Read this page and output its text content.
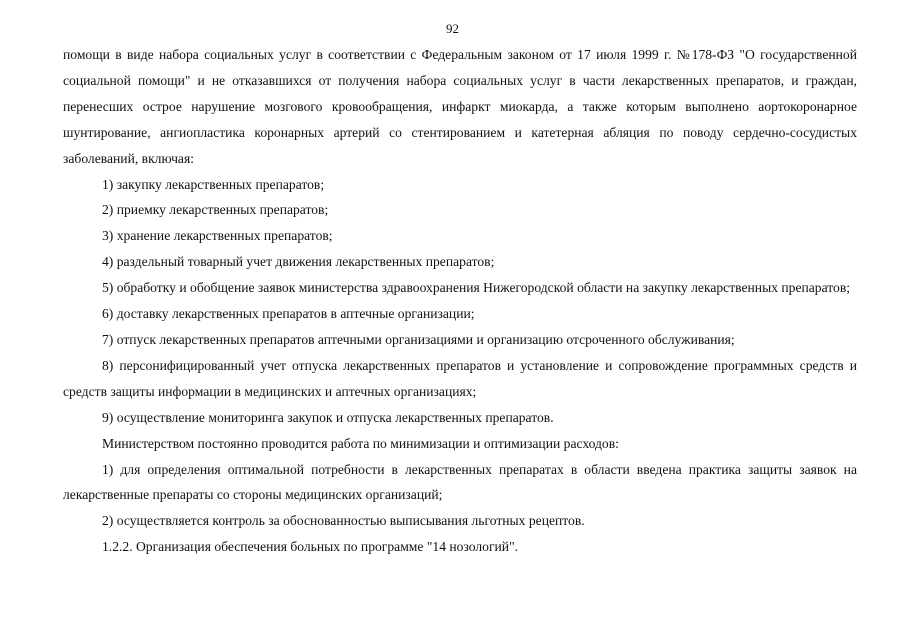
92

помощи в виде набора социальных услуг в соответствии с Федеральным законом от 17 июля 1999 г. №178-ФЗ "О государственной социальной помощи" и не отказавшихся от получения набора социальных услуг в части лекарственных препаратов, и граждан, перенесших острое нарушение мозгового кровообращения, инфаркт миокарда, а также которым выполнено аортокоронарное шунтирование, ангиопластика коронарных артерий со стентированием и катетерная абляция по поводу сердечно-сосудистых заболеваний, включая:

1) закупку лекарственных препаратов;

2) приемку лекарственных препаратов;

3) хранение лекарственных препаратов;

4) раздельный товарный учет движения лекарственных препаратов;

5) обработку и обобщение заявок министерства здравоохранения Нижегородской области на закупку лекарственных препаратов;

6) доставку лекарственных препаратов в аптечные организации;

7) отпуск лекарственных препаратов аптечными организациями и организацию отсроченного обслуживания;

8) персонифицированный учет отпуска лекарственных препаратов и установление и сопровождение программных средств и средств защиты информации в медицинских и аптечных организациях;

9) осуществление мониторинга закупок и отпуска лекарственных препаратов.

Министерством постоянно проводится работа по минимизации и оптимизации расходов:

1) для определения оптимальной потребности в лекарственных препаратах в области введена практика защиты заявок на лекарственные препараты со стороны медицинских организаций;

2) осуществляется контроль за обоснованностью выписывания льготных рецептов.

1.2.2. Организация обеспечения больных по программе "14 нозологий".
